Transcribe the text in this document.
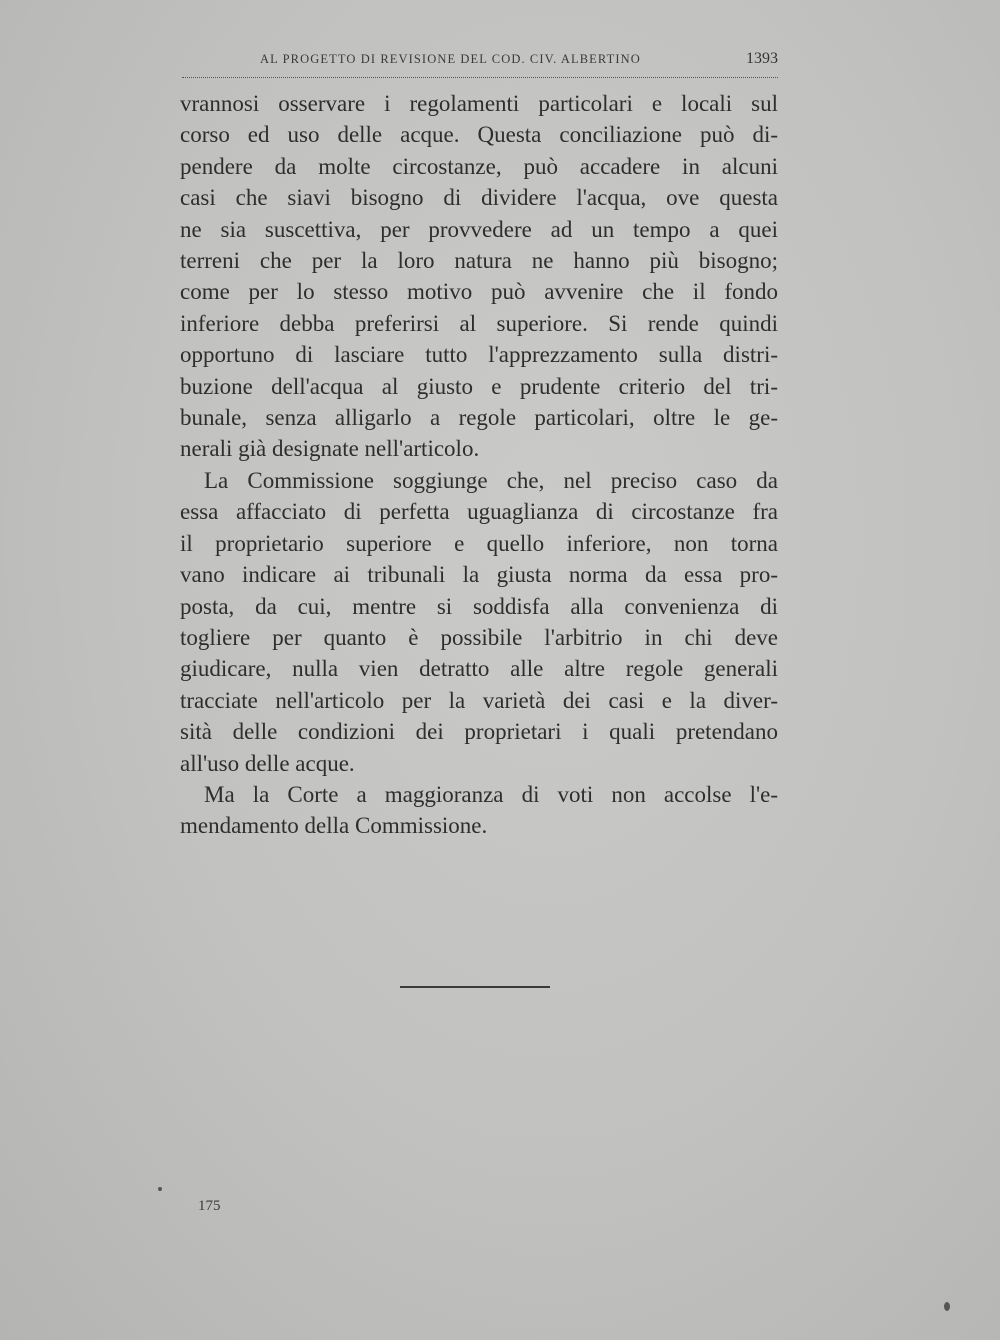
AL PROGETTO DI REVISIONE DEL COD. CIV. ALBERTINO	1393
vrannosi osservare i regolamenti particolari e locali sul
corso ed uso delle acque. Questa conciliazione può di-
pendere da molte circostanze, può accadere in alcuni
casi che siavi bisogno di dividere l'acqua, ove questa
ne sia suscettiva, per provvedere ad un tempo a quei
terreni che per la loro natura ne hanno più bisogno;
come per lo stesso motivo può avvenire che il fondo
inferiore debba preferirsi al superiore. Si rende quindi
opportuno di lasciare tutto l'apprezzamento sulla distri-
buzione dell'acqua al giusto e prudente criterio del tri-
bunale, senza alligarlo a regole particolari, oltre le ge-
nerali già designate nell'articolo.
La Commissione soggiunge che, nel preciso caso da
essa affacciato di perfetta uguaglianza di circostanze fra
il proprietario superiore e quello inferiore, non torna
vano indicare ai tribunali la giusta norma da essa pro-
posta, da cui, mentre si soddisfa alla convenienza di
togliere per quanto è possibile l'arbitrio in chi deve
giudicare, nulla vien detratto alle altre regole generali
tracciate nell'articolo per la varietà dei casi e la diver-
sità delle condizioni dei proprietari i quali pretendano
all'uso delle acque.
Ma la Corte a maggioranza di voti non accolse l'e-
mendamento della Commissione.
175
